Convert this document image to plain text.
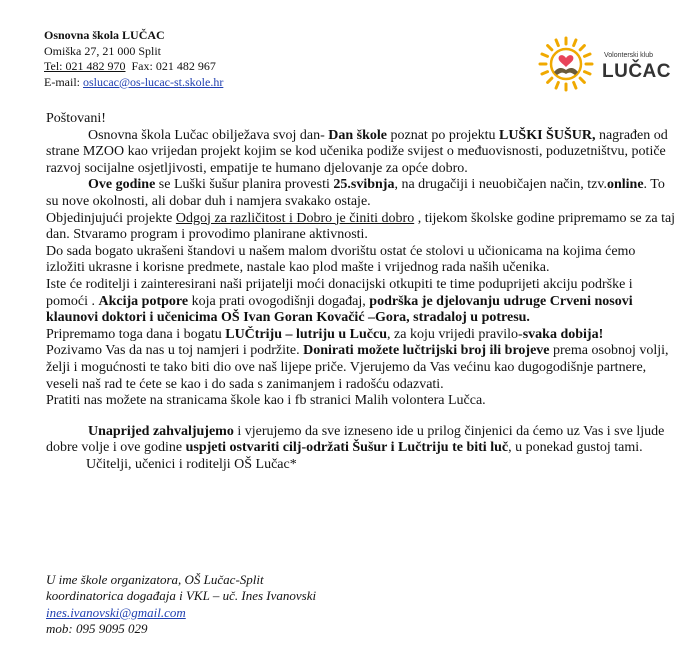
Osnovna škola LUČAC
Omiška 27, 21 000 Split
Tel: 021 482 970 Fax: 021 482 967
E-mail: oslucac@os-lucac-st.skole.hr
Volonterski klub
LUČAC

Poštovani!

Osnovna škola Lučac obilježava svoj dan- Dan škole poznat po projektu LUŠKI ŠUŠUR, nagrađen od strane MZOO kao vrijedan projekt kojim se kod učenika podiže svijest o međuovisnosti, poduzetništvu, potiče razvoj socijalne osjetljivosti, empatije te humano djelovanje za opće dobro.

Ove godine se Luški šušur planira provesti 25.svibnja, na drugačiji i neuobičajen način, tzv.online. To su nove okolnosti, ali dobar duh i namjera svakako ostaje.

Objedinjujući projekte Odgoj za različitost i Dobro je činiti dobro , tijekom školske godine pripremamo se za taj dan. Stvaramo program i provodimo planirane aktivnosti.

Do sada bogato ukrašeni štandovi u našem malom dvorištu ostat će stolovi u učionicama na kojima ćemo izložiti ukrasne i korisne predmete, nastale kao plod mašte i vrijednog rada naših učenika.

Iste će roditelji i zainteresirani naši prijatelji moći donacijski otkupiti te time poduprijeti akciju podrške i pomoći . Akcija potpore koja prati ovogodišnji događaj, podrška je djelovanju udruge Crveni nosovi klaunovi doktori i učenicima OŠ Ivan Goran Kovačić –Gora, stradaloj u potresu.

Pripremamo toga dana i bogatu LUČtriju – lutriju u Lučcu, za koju vrijedi pravilo-svaka dobija!

Pozivamo Vas da nas u toj namjeri i podržite. Donirati možete lučtrijski broj ili brojeve prema osobnoj volji, želji i mogućnosti te tako biti dio ove naš lijepe priče. Vjerujemo da Vas većinu kao dugogodišnje partnere, veseli naš rad te ćete se kao i do sada s zanimanjem i radošću odazvati.

Pratiti nas možete na stranicama škole kao i fb stranici Malih volontera Lučca.

Unaprijed zahvaljujemo i vjerujemo da sve izneseno ide u prilog činjenici da ćemo uz Vas i sve ljude dobre volje i ove godine uspjeti ostvariti cilj-održati Šušur i Lučtriju te biti luč, u ponekad gustoj tami.

Učitelji, učenici i roditelji OŠ Lučac*

U ime škole organizatora, OŠ Lučac-Split
koordinatorica događaja i VKL – uč. Ines Ivanovski
ines.ivanovski@gmail.com
mob: 095 9095 029
